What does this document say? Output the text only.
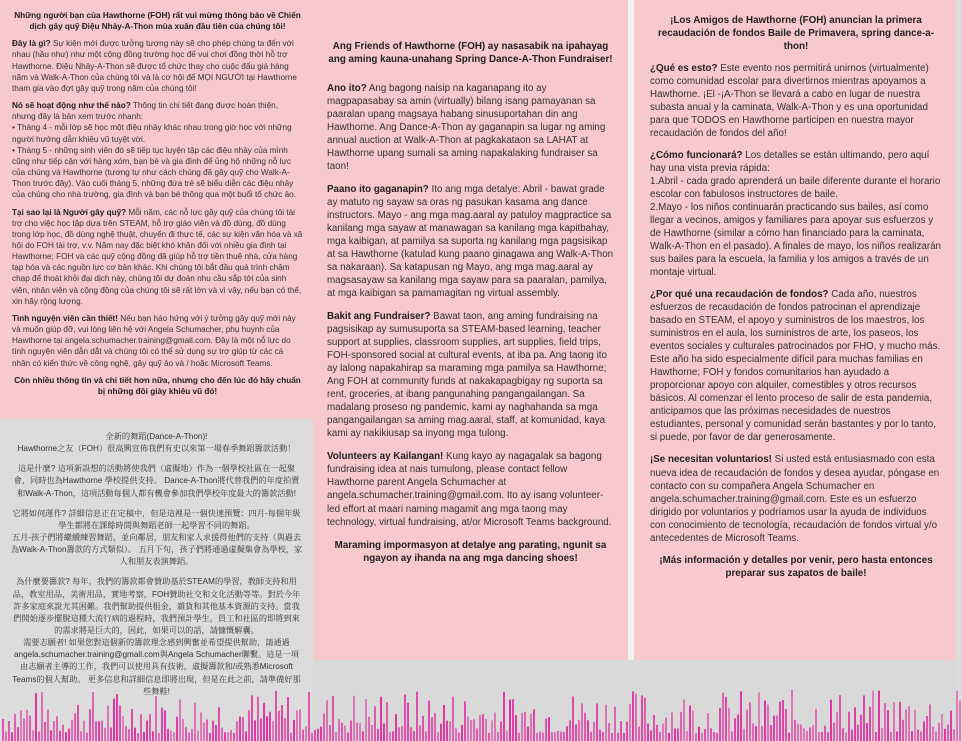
Những người bạn của Hawthorne (FOH) rất vui mừng thông báo về Chiến dịch gây quỹ Điệu Nhảy-A-Thon mùa xuân đầu tiên của chúng tôi!

Đây là gì? Sự kiện mới được tưởng tượng này sẽ cho phép chúng ta đến với nhau (hầu như) như một cộng đồng trường học để vui chơi đồng thời hỗ trợ Hawthorne. Điệu Nhảy-A-Thon sẽ được tổ chức thay cho cuộc đấu giá hàng năm và Walk-A-Thon của chúng tôi và là cơ hội để MỌI NGƯỜI tại Hawthorne tham gia vào đợt gây quỹ trong năm của chúng tôi!

Nó sẽ hoạt động như thế nào? Thông tin chi tiết đang được hoàn thiện, nhưng đây là bản xem trước nhanh:
• Tháng 4 - mỗi lớp sẽ học một điệu nhảy khác nhau trong giờ học với những người hướng dẫn khiêu vũ tuyệt vời.
• Tháng 5 - những sinh viên đó sẽ tiếp tục luyện tập các điệu nhảy của mình cũng như tiếp cận với hàng xóm, bạn bè và gia đình để ủng hộ những nỗ lực của chúng và Hawthorne (tương tự như cách chúng đã gây quỹ cho Walk-A-Thon trước đây). Vào cuối tháng 5, những đứa trẻ sẽ biểu diễn các điệu nhảy của chúng cho nhà trường, gia đình và bạn bè thông qua một buổi tổ chức ảo.

Tại sao lại là Người gây quỹ? Mỗi năm, các nỗ lực gây quỹ của chúng tôi tài trợ cho việc học tập dựa trên STEAM, hỗ trợ giáo viên và đồ dùng, đồ dùng trong lớp học, đồ dùng nghệ thuật, chuyến đi thực tế, các sự kiện văn hóa và xã hội do FOH tài trợ, v.v. Năm nay đặc biệt khó khăn đối với nhiều gia đình tại Hawthorne; FOH và các quỹ cộng đồng đã giúp hỗ trợ tiền thuê nhà, cửa hàng tạp hóa và các nguồn lực cơ bản khác. Khi chúng tôi bắt đầu quá trình chậm chạp để thoát khỏi đại dịch này, chúng tôi dự đoán nhu cầu sắp tới của sinh viên, nhân viên và cộng đồng của chúng tôi sẽ rất lớn và vì vậy, nếu bạn có thể, xin hãy rộng lượng.

Tình nguyện viên cần thiết! Nếu bạn háo hứng với ý tưởng gây quỹ mới này và muốn giúp đỡ, vui lòng liên hệ với Angela Schumacher, phụ huynh của Hawthorne tại angela.schumacher.training@gmail.com. Đây là một nỗ lực do tình nguyện viên dẫn dắt và chúng tôi có thể sử dụng sự trợ giúp từ các cá nhân có kiến thức về công nghệ, gây quỹ ảo và / hoặc Microsoft Teams.

Còn nhiều thông tin và chi tiết hơn nữa, nhưng cho đến lúc đó hãy chuẩn bị những đôi giày khiêu vũ đó!

全新的舞蹈(Dance-A-Thon)!

Hawthorne之友（FOH）很高興宣佈我們有史以來第一場春季舞蹈籌款活動！

這是什麼? 這項新設想的活動將使我們（虛擬地）作為一個學校社區在一起聚會，同時也為Hawthorne 學校提供支持。 Dance-A-Thon將代替我們的年度拍賣和Walk-A-Thon，這項活動每個人都有機會參加我們學校年度最大的籌款活動!

它將如何運作? 詳細信息正在定稿中，但是這裡是一個快速預覽：四月-每個年級學生都將在課餘時間與舞蹈老師一起學習不同的舞蹈。

五月-孩子們將繼續練習舞蹈，並向鄰居，朋友和家人求援得他們的支持（與過去為Walk-A-Thon籌款的方式類似）。 五月下旬，孩子們將通過虛擬集會為學校，家人和朋友表演舞蹈。

為什麼要籌款? 每年，我們的籌款都會贊助基於STEAM的學習，教師支持和用品，教室用品，美術用品，實地考察，FOH贊助社交和文化活動等等。對於今年許多家庭來說尤其困難。我們幫助提供租金，雜貨和其他基本資源的支持。當我們開始逐步擺脫這種大流行病的過程時，我們預計學生，員工和社區的即將到來的需求將是巨大的，因此，如果可以的話，請慷慨解囊。

需要志願者! 如果您對這個新的籌款理念感到興奮並希望提供幫助，請通過angela.schumacher.training@gmail.com與Angela Schumacher聯繫。這是一項由志願者主導的工作，我們可以使用具有技術，虛擬籌款和/或熟悉Microsoft Teams的個人幫助。 更多信息和詳細信息即將出現，但是在此之前，請準備好那些舞鞋!

Ang Friends of Hawthorne (FOH) ay nasasabik na ipahayag ang aming kauna-unahang Spring Dance-A-Thon Fundraiser!

Ano ito? Ang bagong naisip na kaganapang ito ay magpapasabay sa amin (virtually) bilang isang pamayanan sa paaralan upang magsaya habang sinusuportahan din ang Hawthorne. Ang Dance-A-Thon ay gaganapin sa lugar ng aming annual auction at Walk-A-Thon at pagkakataon sa LAHAT at Hawthorne upang sumali sa aming napakalaking fundraiser sa taon!

Paano ito gaganapin? Ito ang mga detalye: Abril - bawat grade ay matuto ng sayaw sa oras ng pasukan kasama ang dance instructors. Mayo - ang mga mag.aaral ay patuloy magpractice sa kanilang mga sayaw at manawagan sa kanilang mga kapitbahay, mga kaibigan, at pamilya sa suporta ng kanilang mga pagsisikap at sa Hawthorne (katulad kung paano ginagawa ang Walk-A-Thon sa nakaraan). Sa katapusan ng Mayo, ang mga mag.aaral ay magsasayaw sa kanilang mga sayaw para sa paaralan, pamilya, at mga kaibigan sa pamamagitan ng virtual assembly.

Bakit ang Fundraiser? Bawat taon, ang aming fundraising na pagsisikap ay sumusuporta sa STEAM-based learning, teacher support at supplies, classroom supplies, art supplies, field trips, FOH-sponsored social at cultural events, at iba pa. Ang taong ito ay lalong napakahirap sa maraming mga pamilya sa Hawthorne; Ang FOH at community funds at nakakapagbigay ng suporta sa rent, groceries, at ibang pangunahing pangangailangan. Sa madalang proseso ng pandemic, kami ay naghahanda sa mga pangangailangan sa aming mag.aaral, staff, at komunidad, kaya kami ay nakikiusap sa inyong mga tulong.

Volunteers ay Kailangan! Kung kayo ay nagagalak sa bagong fundraising idea at nais tumulong, please contact fellow Hawthorne parent Angela Schumacher at angela.schumacher.training@gmail.com. Ito ay isang volunteer-led effort at maari naming magamit ang mga taong may technology, virtual fundraising, at/or Microsoft Teams background.

Maraming impormasyon at detalye ang parating, ngunit sa ngayon ay ihanda na ang mga dancing shoes!

¡Los Amigos de Hawthorne (FOH) anuncian la primera recaudación de fondos Baile de Primavera, spring dance-a-thon!

¿Qué es esto? Este evento nos permitirá unirnos (virtualmente) como comunidad escolar para divertirnos mientras apoyamos a Hawthorne. ¡El -¡A-Thon se llevará a cabo en lugar de nuestra subasta anual y la caminata, Walk-A-Thon y es una oportunidad para que TODOS en Hawthorne participen en nuestra mayor recaudación de fondos del año!

¿Cómo funcionará? Los detalles se están ultimando, pero aquí hay una vista previa rápida:
1.Abril - cada grado aprenderá un baile diferente durante el horario escolar con fabulosos instructores de baile.
2.Mayo - los niños continuarán practicando sus bailes, así como llegar a vecinos, amigos y familiares para apoyar sus esfuerzos y de Hawthorne (similar a cómo han financiado para la caminata, Walk-A-Thon en el pasado). A finales de mayo, los niños realizarán sus bailes para la escuela, la familia y los amigos a través de un montaje virtual.

¿Por qué una recaudación de fondos? Cada año, nuestros esfuerzos de recaudación de fondos patrocinan el aprendizaje basado en STEAM, el apoyo y suministros de los maestros, los suministros en el aula, los suministros de arte, los paseos, los eventos sociales y culturales patrocinados por FHO, y mucho más. Este año ha sido especialmente difícil para muchas familias en Hawthorne; FOH y fondos comunitarios han ayudado a proporcionar apoyo con alquiler, comestibles y otros recursos básicos. Al comenzar el lento proceso de salir de esta pandemia, anticipamos que las próximas necesidades de nuestros estudiantes, personal y comunidad serán bastantes y por lo tanto, si puede, por favor de dar generosamente.

¡Se necesitan voluntarios! Si usted está entusiasmado con esta nueva idea de recaudación de fondos y desea ayudar, póngase en contacto con su compañera Angela Schumacher en angela.schumacher.training@gmail.com. Este es un esfuerzo dirigido por voluntarios y podríamos usar la ayuda de individuos con conocimiento de tecnología, recaudación de fondos virtual y/o antecedentes de Microsoft Teams.

¡Más información y detalles por venir, pero hasta entonces preparar sus zapatos de baile!
